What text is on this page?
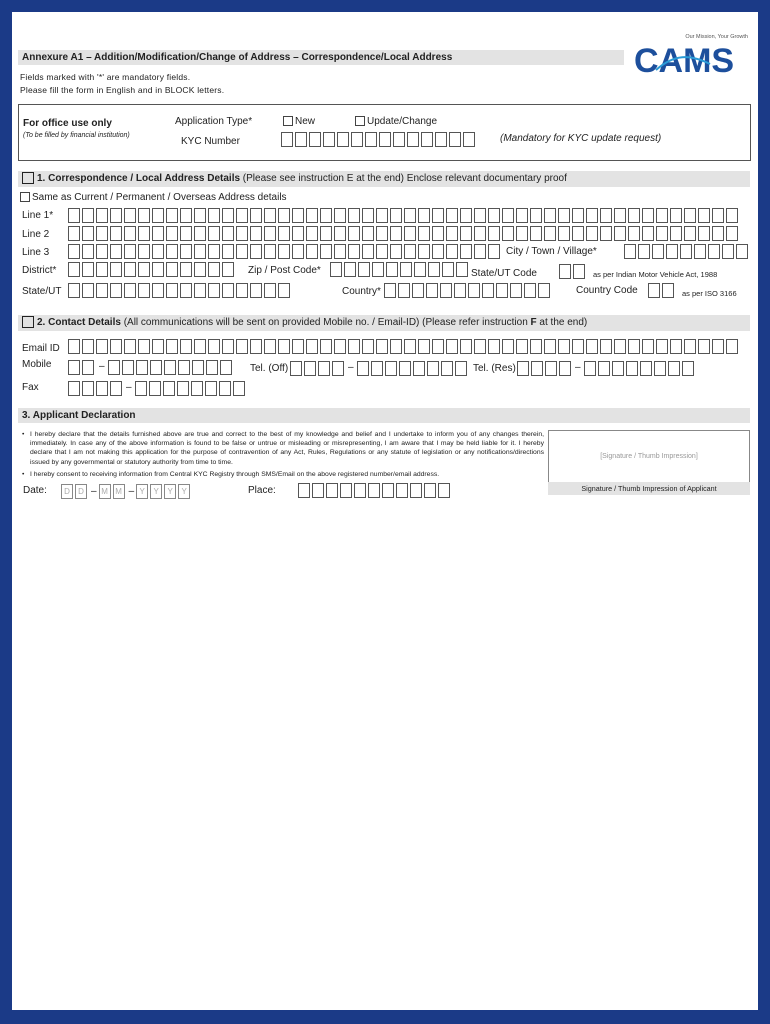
Our Mission, Your Growth
CAMS
Annexure A1 – Addition/Modification/Change of Address – Correspondence/Local Address
Fields marked with '*' are mandatory fields.
Please fill the form in English and in BLOCK letters.
For office use only
(To be filled by financial institution)
Application Type*	New	Update/Change
KYC Number	(Mandatory for KYC update request)
1. Correspondence / Local Address Details (Please see instruction E at the end) Enclose relevant documentary proof
Same as Current / Permanent / Overseas Address details
Line 1*
Line 2
Line 3	City / Town / Village*
District*	Zip / Post Code*	State/UT Code	as per Indian Motor Vehicle Act, 1988
State/UT	Country*	Country Code	as per ISO 3166
2. Contact Details (All communications will be sent on provided Mobile no. / Email-ID) (Please refer instruction F at the end)
Email ID
Mobile	–	Tel. (Off)	–	Tel. (Res)	–
Fax	–
3. Applicant Declaration
• I hereby declare that the details furnished above are true and correct to the best of my knowledge and belief and I undertake to inform you of any changes therein, immediately. In case any of the above information is found to be false or untrue or misleading or misrepresenting, I am aware that I may be held liable for it. I hereby declare that I am not making this application for the purpose of contravention of any Act, Rules, Regulations or any statute of legislation or any notifications/directions issued by any governmental or statutory authority from time to time.
• I hereby consent to receiving information from Central KYC Registry through SMS/Email on the above registered number/email address.
[Signature / Thumb Impression]
Signature / Thumb Impression of Applicant
Date:	D	D – M M – Y	Y	Y	Y	Place:
